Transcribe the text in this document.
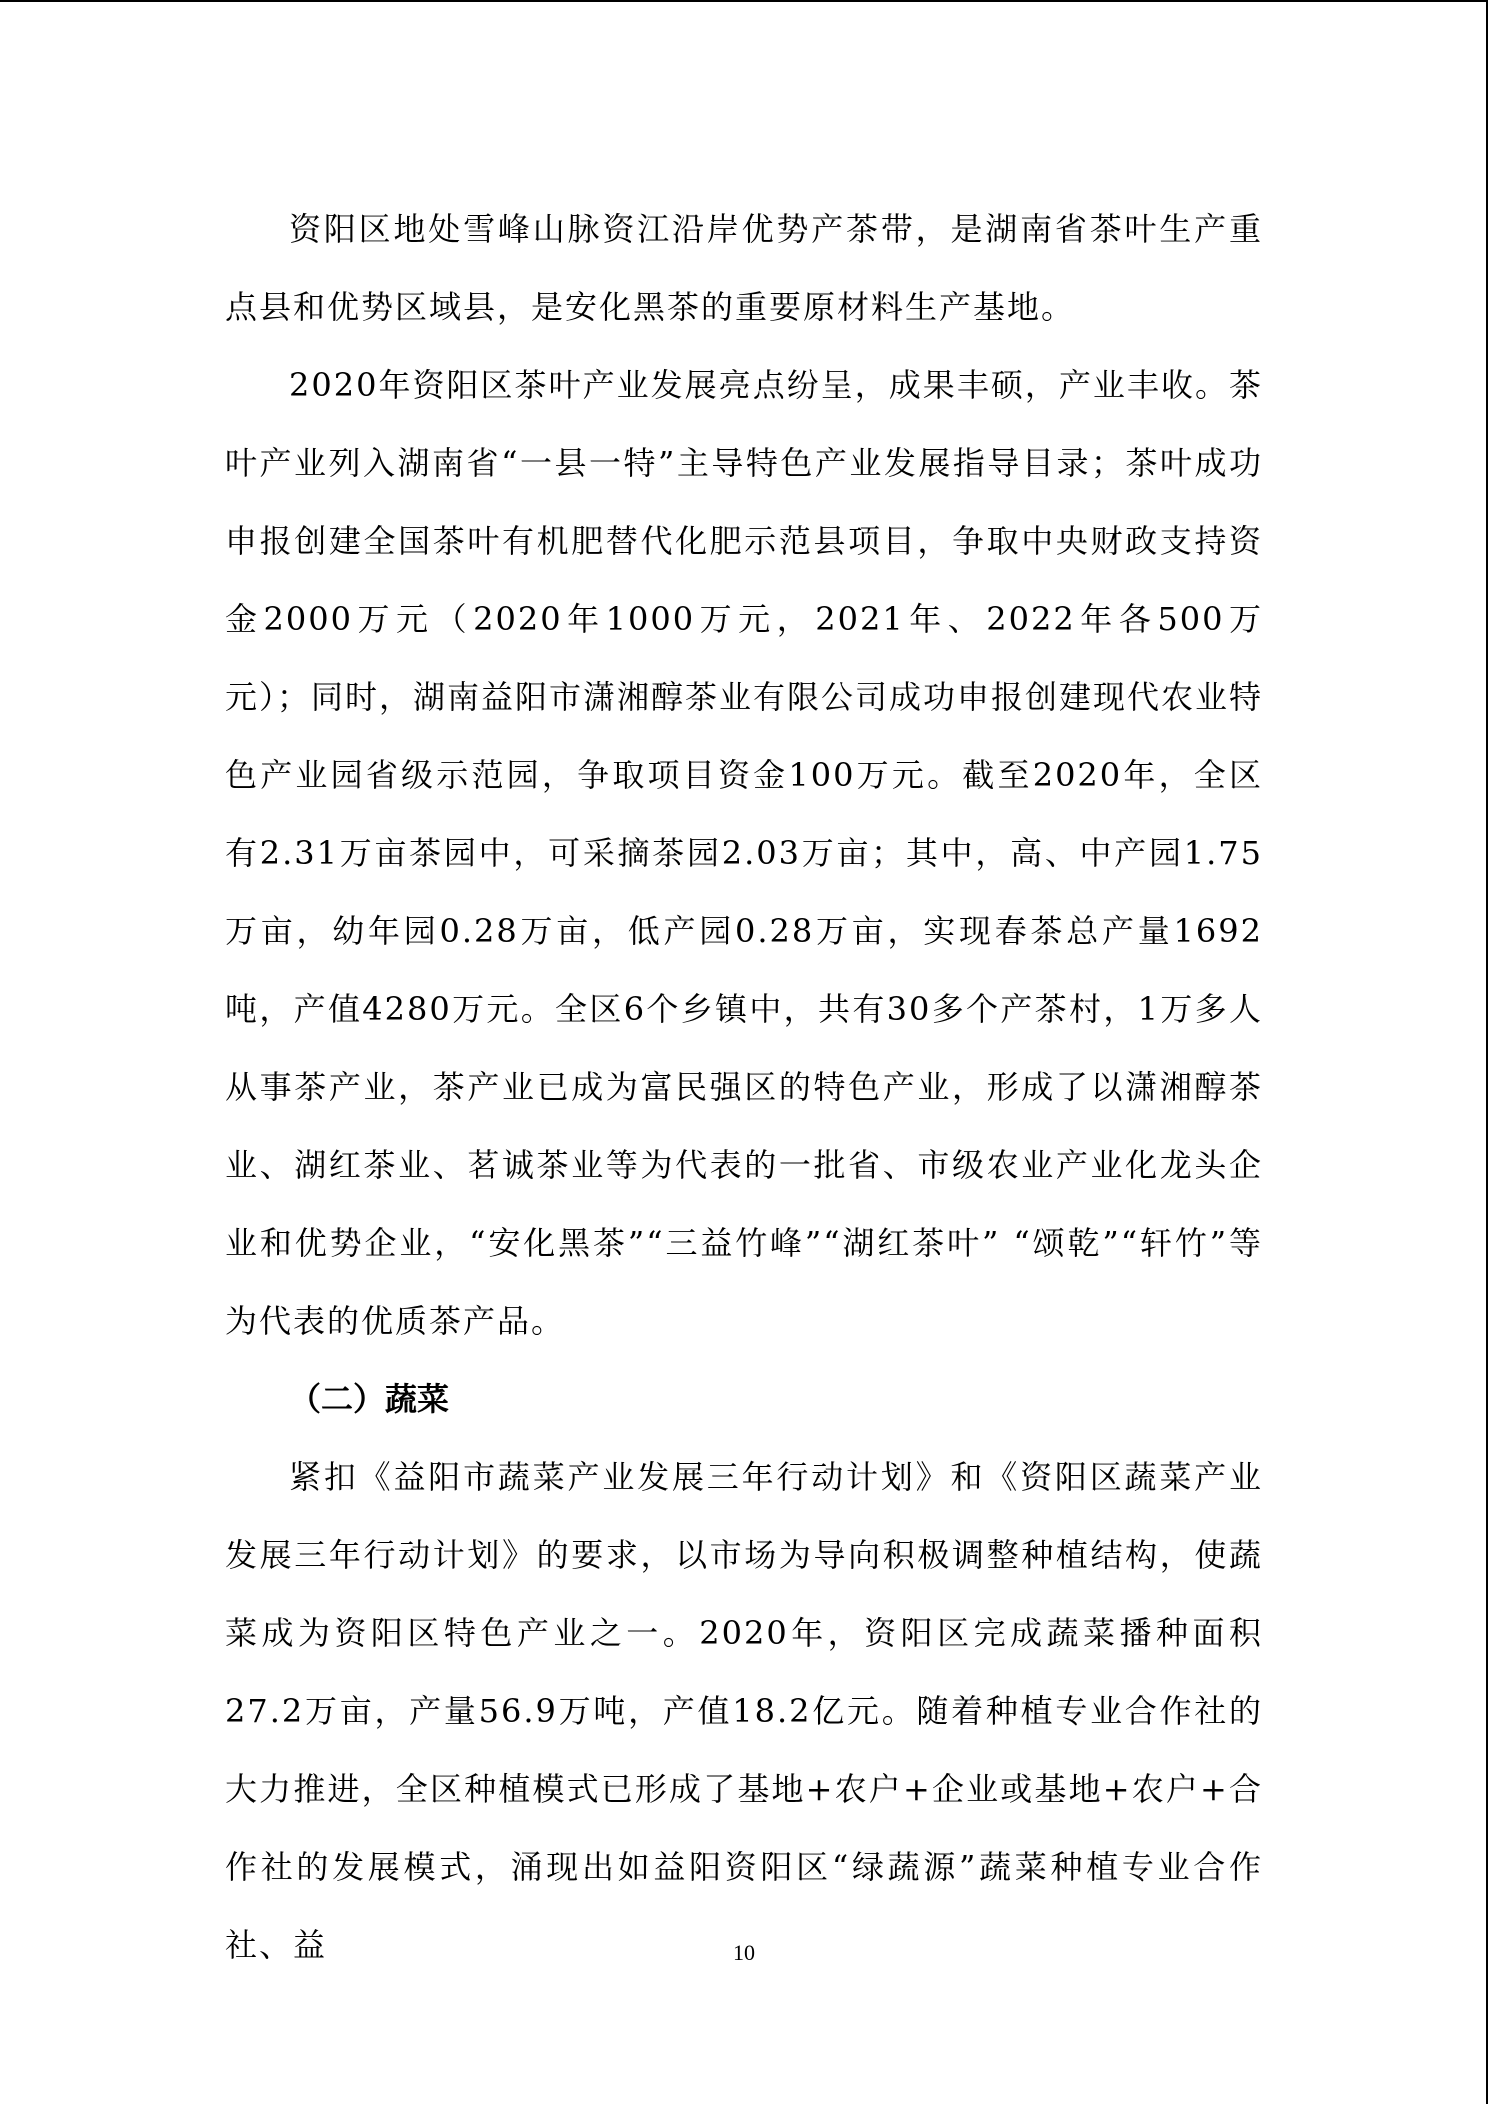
资阳区地处雪峰山脉资江沿岸优势产茶带，是湖南省茶叶生产重点县和优势区域县，是安化黑茶的重要原材料生产基地。

2020年资阳区茶叶产业发展亮点纷呈，成果丰硕，产业丰收。茶叶产业列入湖南省“一县一特”主导特色产业发展指导目录；茶叶成功申报创建全国茶叶有机肥替代化肥示范县项目，争取中央财政支持资金2000万元（2020年1000万元，2021年、2022年各500万元）；同时，湖南益阳市潇湘醇茶业有限公司成功申报创建现代农业特色产业园省级示范园，争取项目资金100万元。截至2020年，全区有2.31万亩茶园中，可采摘茶园2.03万亩；其中，高、中产园1.75万亩，幼年园0.28万亩，低产园0.28万亩，实现春茶总产量1692吨，产值4280万元。全区6个乡镇中，共有30多个产茶村，1万多人从事茶产业，茶产业已成为富民强区的特色产业，形成了以潇湘醇茶业、湖红茶业、茗诚茶业等为代表的一批省、市级农业产业化龙头企业和优势企业，“安化黑茶”“三益竹峰”“湖红茶叶” “颂乾”“轩竹”等为代表的优质茶产品。

（二）蔬菜

紧扣《益阳市蔬菜产业发展三年行动计划》和《资阳区蔬菜产业发展三年行动计划》的要求，以市场为导向积极调整种植结构，使蔬菜成为资阳区特色产业之一。2020年，资阳区完成蔬菜播种面积27.2万亩，产量56.9万吨，产值18.2亿元。随着种植专业合作社的大力推进，全区种植模式已形成了基地+农户+企业或基地+农户+合作社的发展模式，涌现出如益阳资阳区“绿蔬源”蔬菜种植专业合作社、益	10
